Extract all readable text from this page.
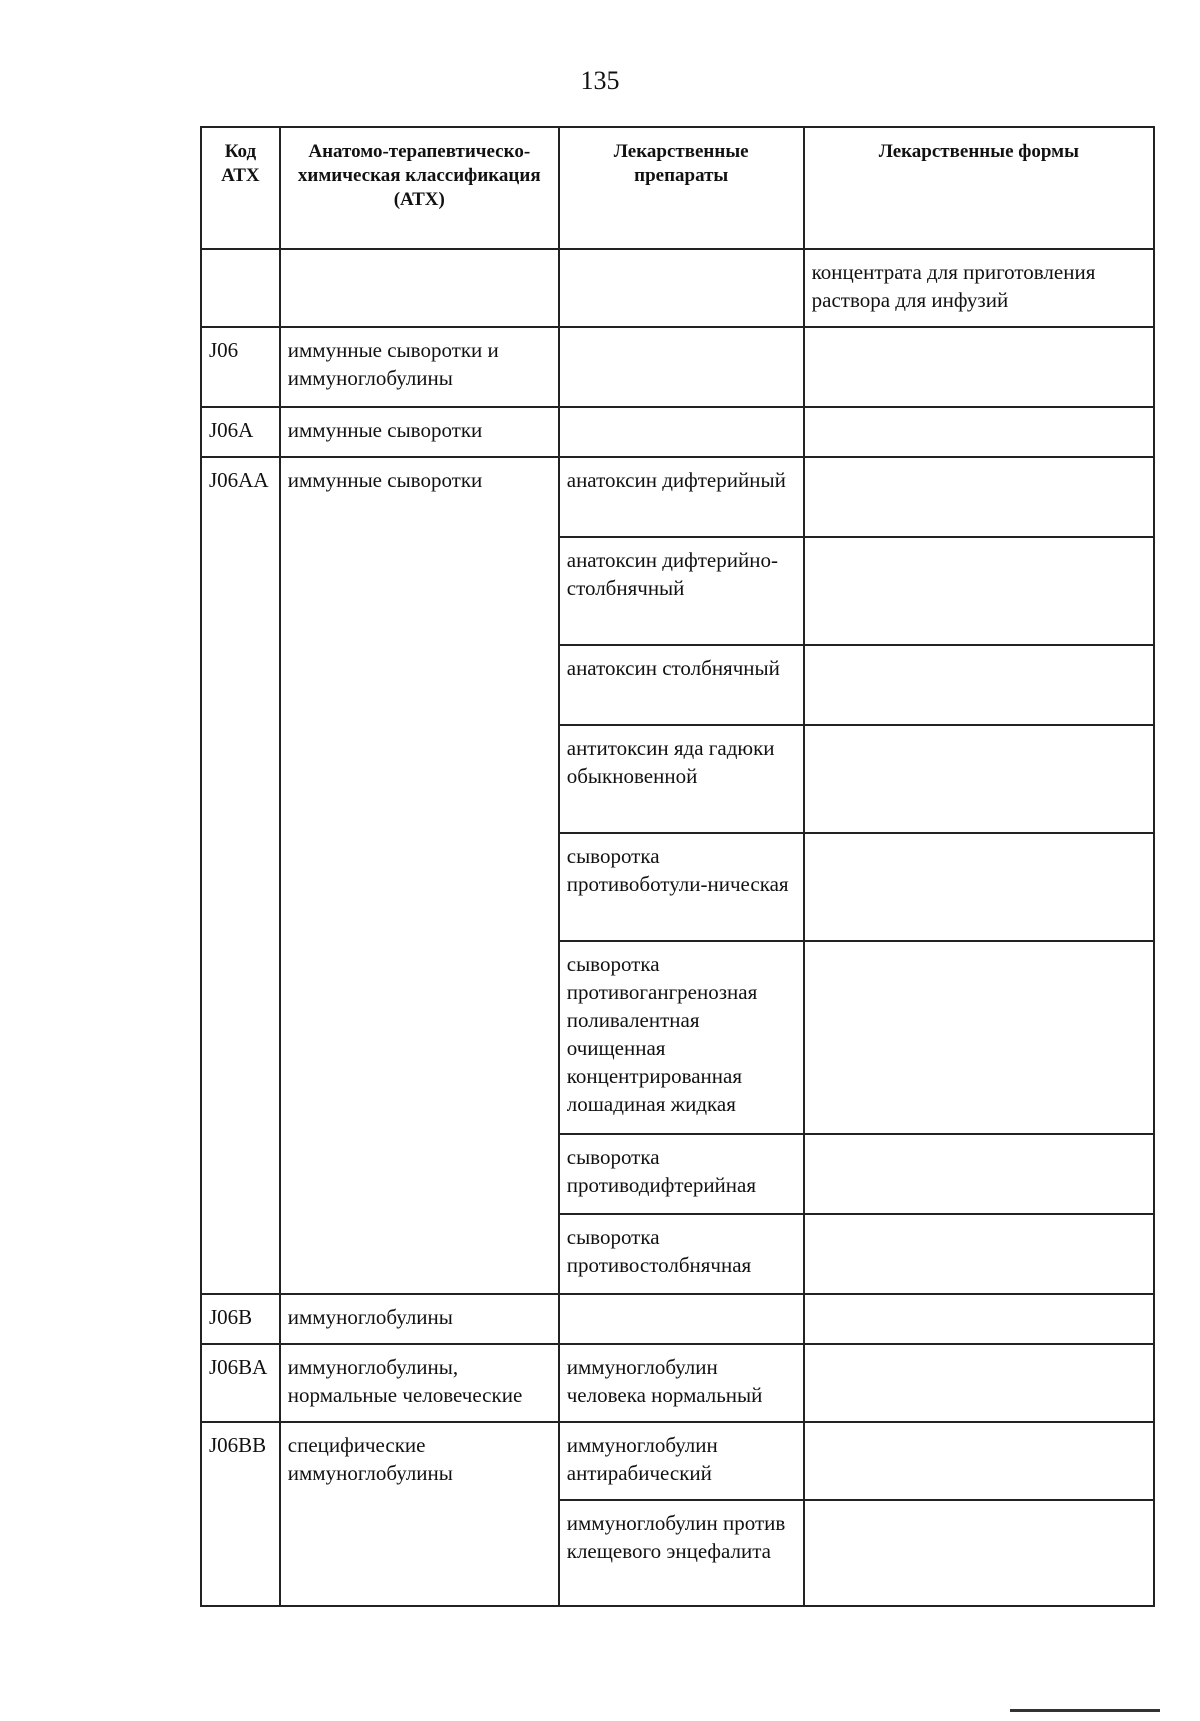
135
Код АТХ	Анатомо-терапевтическо-химическая классификация (АТХ)	Лекарственные препараты	Лекарственные формы
			концентрата для приготовления раствора для инфузий
J06	иммунные сыворотки и иммуноглобулины		
J06A	иммунные сыворотки		
J06AA	иммунные сыворотки	анатоксин дифтерийный	
		анатоксин дифтерийно-столбнячный	
		анатоксин столбнячный	
		антитоксин яда гадюки обыкновенной	
		сыворотка противоботули-ническая	
		сыворотка противогангренозная поливалентная очищенная концентрированная лошадиная жидкая	
		сыворотка противодифтерийная	
		сыворотка противостолбнячная	
J06B	иммуноглобулины		
J06BA	иммуноглобулины, нормальные человеческие	иммуноглобулин человека нормальный	
J06BB	специфические иммуноглобулины	иммуноглобулин антирабический	
		иммуноглобулин против клещевого энцефалита	
